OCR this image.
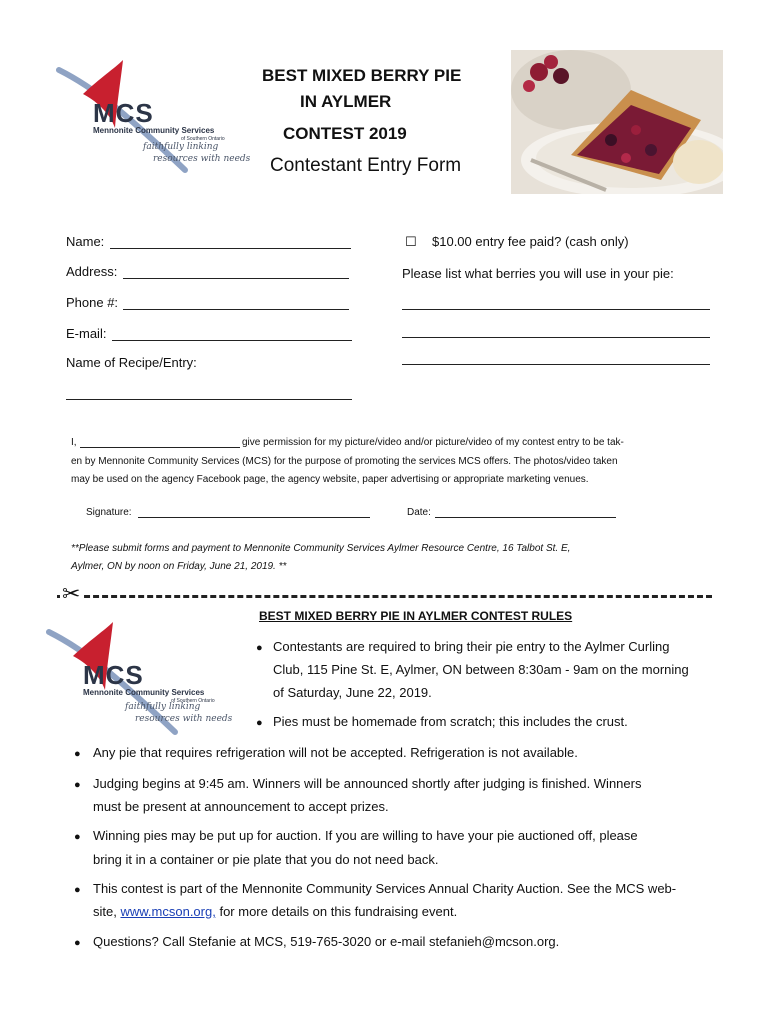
MCS
Mennonite Community Services
of Southern Ontario
faithfully linking
resources with needs
BEST MIXED BERRY PIE
IN AYLMER
CONTEST 2019
Contestant Entry Form
Name:
Address:
Phone #:
E-mail:
Name of Recipe/Entry:
☐ $10.00 entry fee paid? (cash only)
Please list what berries you will use in your pie:
I,	give permission for my picture/video and/or picture/video of my contest entry to be tak-
en by Mennonite Community Services (MCS) for the purpose of promoting the services MCS offers. The photos/video taken
may be used on the agency Facebook page, the agency website, paper advertising or appropriate marketing venues.
Signature:	Date:
**Please submit forms and payment to Mennonite Community Services Aylmer Resource Centre, 16 Talbot St. E,
Aylmer, ON by noon on Friday, June 21, 2019. **
✂
MCS
Mennonite Community Services
of Southern Ontario
faithfully linking
resources with needs
BEST MIXED BERRY PIE IN AYLMER CONTEST RULES
● Contestants are required to bring their pie entry to the Aylmer Curling
Club, 115 Pine St. E, Aylmer, ON between 8:30am - 9am on the morning
of Saturday, June 22, 2019.
● Pies must be homemade from scratch; this includes the crust.
● Any pie that requires refrigeration will not be accepted. Refrigeration is not available.
● Judging begins at 9:45 am. Winners will be announced shortly after judging is finished. Winners
must be present at announcement to accept prizes.
● Winning pies may be put up for auction. If you are willing to have your pie auctioned off, please
bring it in a container or pie plate that you do not need back.
● This contest is part of the Mennonite Community Services Annual Charity Auction. See the MCS web-
site, www.mcson.org, for more details on this fundraising event.
● Questions? Call Stefanie at MCS, 519-765-3020 or e-mail stefanieh@mcson.org.
